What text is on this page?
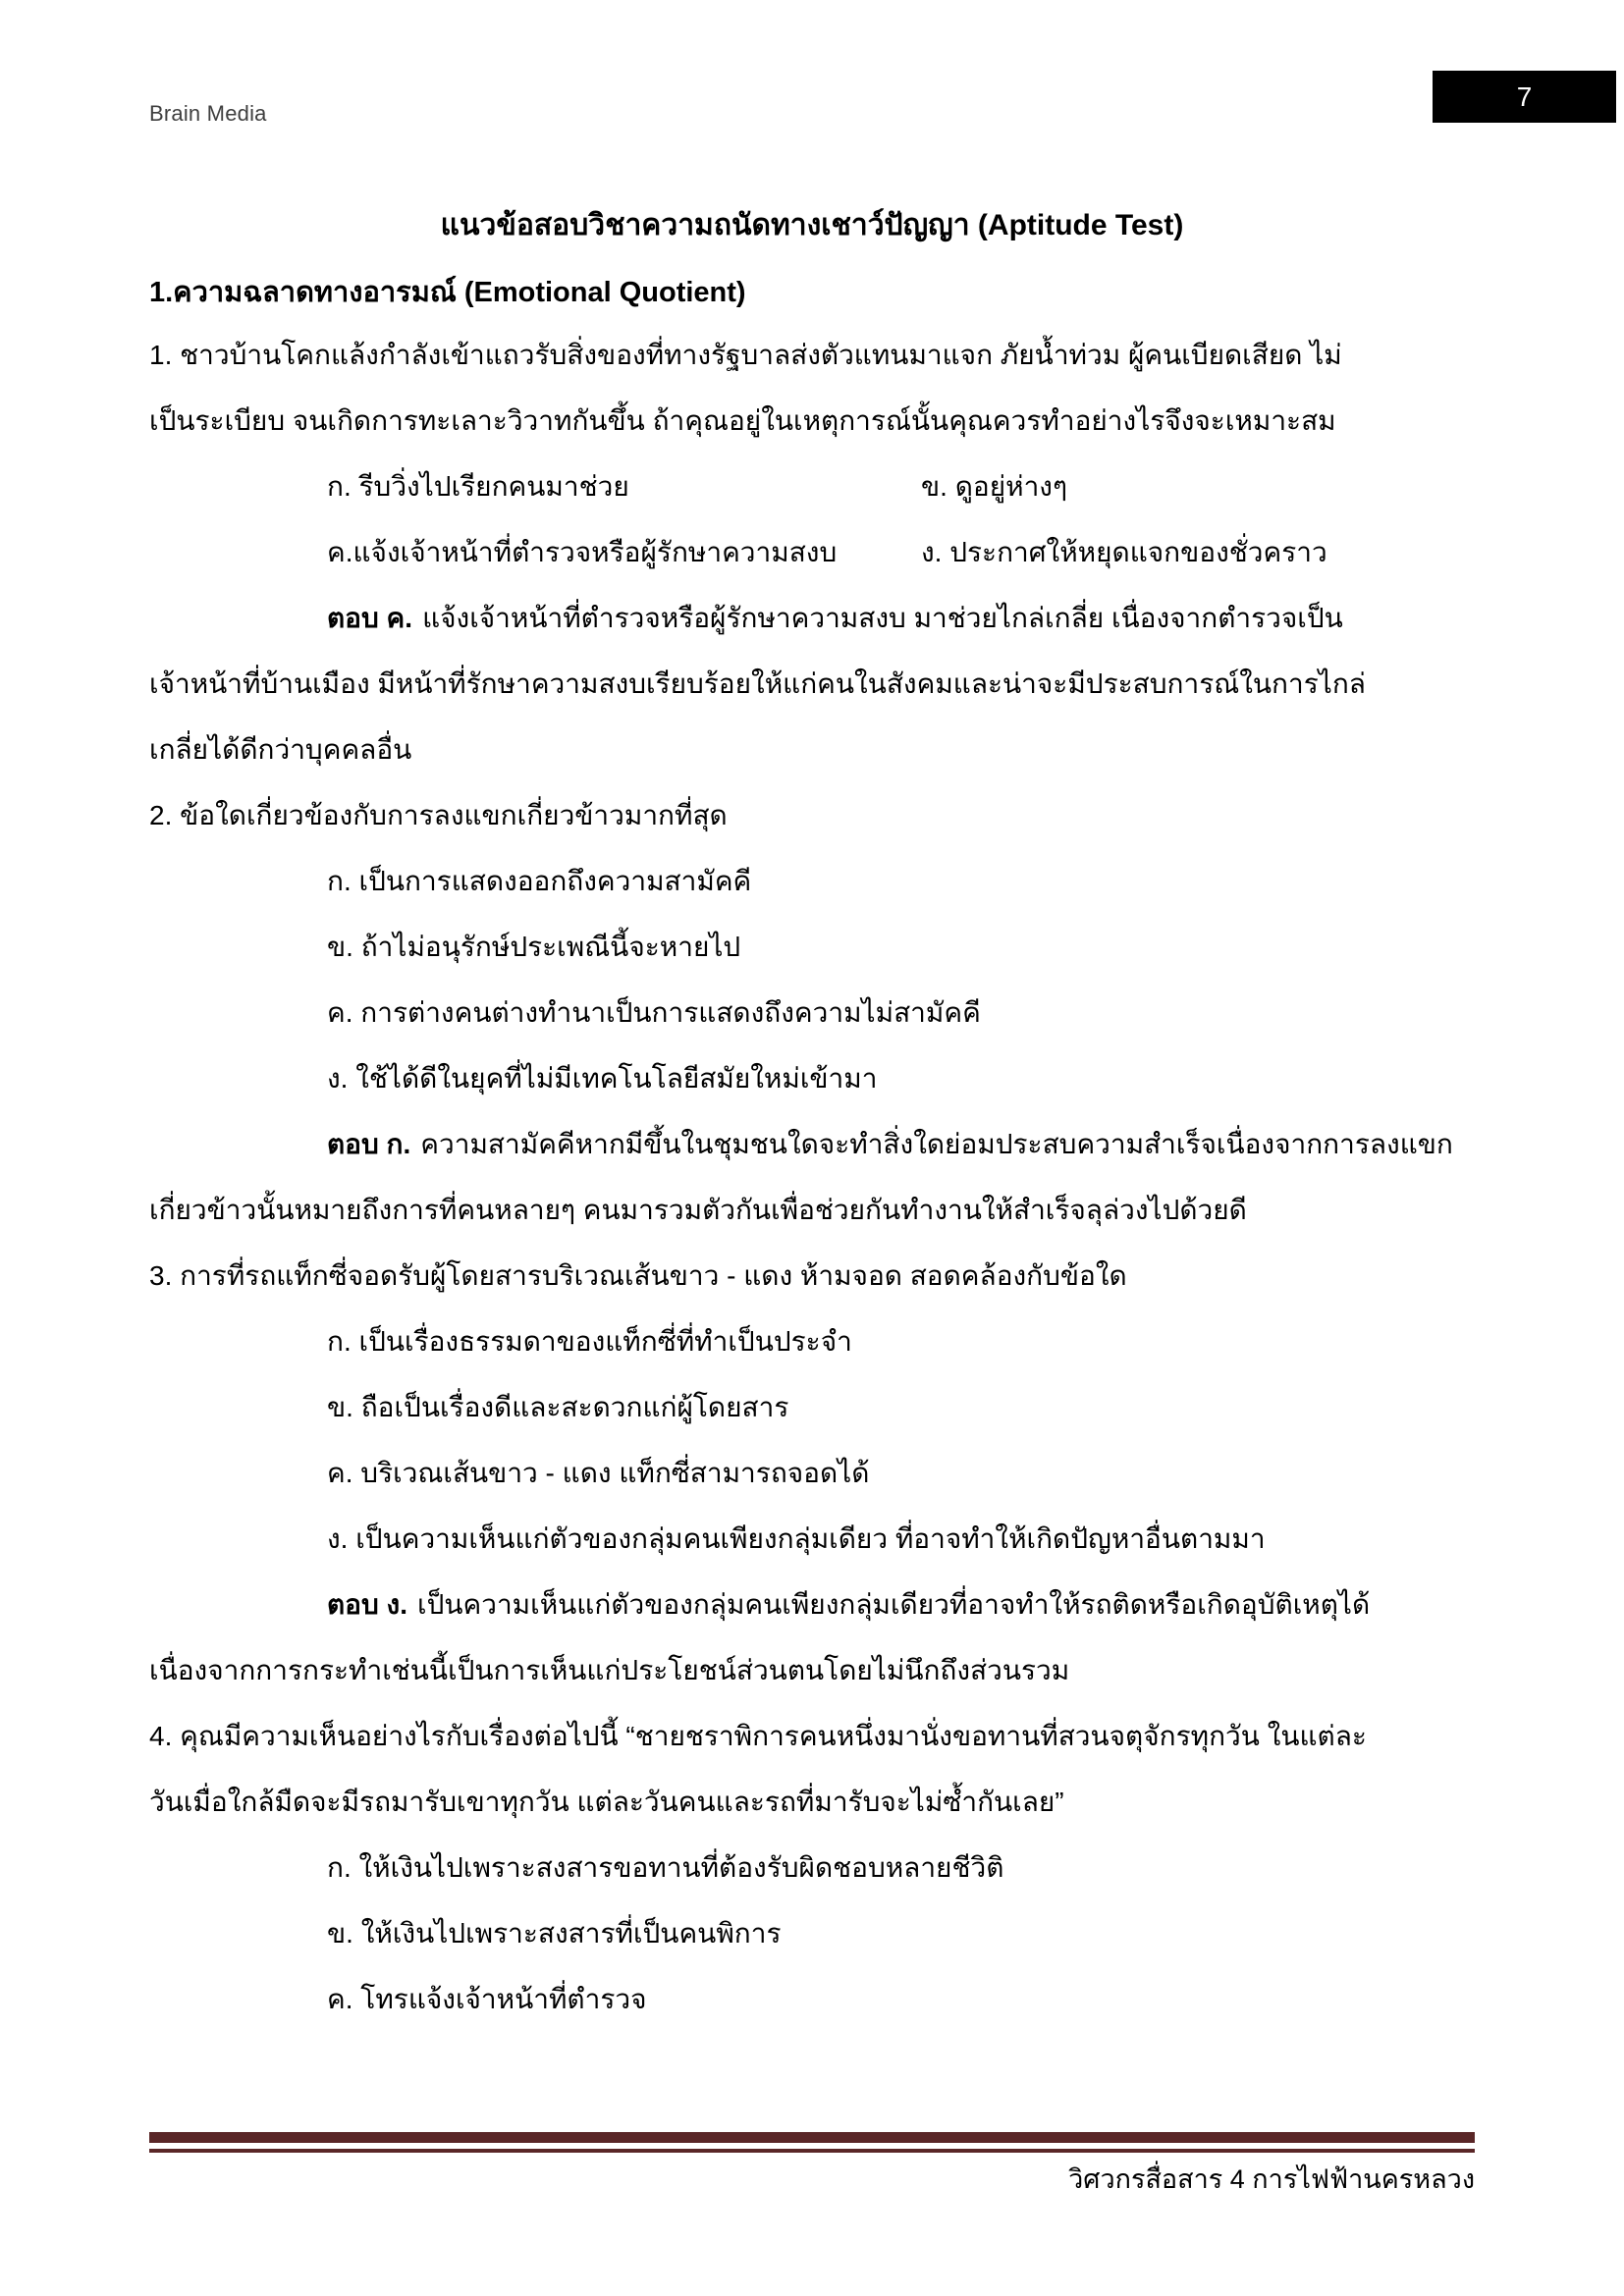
Brain Media
7
แนวข้อสอบวิชาความถนัดทางเชาว์ปัญญา (Aptitude Test)
1.ความฉลาดทางอารมณ์ (Emotional Quotient)
1. ชาวบ้านโคกแล้งกำลังเข้าแถวรับสิ่งของที่ทางรัฐบาลส่งตัวแทนมาแจก ภัยน้ำท่วม ผู้คนเบียดเสียด ไม่
เป็นระเบียบ จนเกิดการทะเลาะวิวาทกันขึ้น ถ้าคุณอยู่ในเหตุการณ์นั้นคุณควรทำอย่างไรจึงจะเหมาะสม
ก. รีบวิ่งไปเรียกคนมาช่วย	ข. ดูอยู่ห่างๆ
ค.แจ้งเจ้าหน้าที่ตำรวจหรือผู้รักษาความสงบ	ง. ประกาศให้หยุดแจกของชั่วคราว
ตอบ ค. แจ้งเจ้าหน้าที่ตำรวจหรือผู้รักษาความสงบ มาช่วยไกล่เกลี่ย เนื่องจากตำรวจเป็น
เจ้าหน้าที่บ้านเมือง มีหน้าที่รักษาความสงบเรียบร้อยให้แก่คนในสังคมและน่าจะมีประสบการณ์ในการไกล่
เกลี่ยได้ดีกว่าบุคคลอื่น
2. ข้อใดเกี่ยวข้องกับการลงแขกเกี่ยวข้าวมากที่สุด
ก. เป็นการแสดงออกถึงความสามัคคี
ข. ถ้าไม่อนุรักษ์ประเพณีนี้จะหายไป
ค. การต่างคนต่างทำนาเป็นการแสดงถึงความไม่สามัคคี
ง. ใช้ได้ดีในยุคที่ไม่มีเทคโนโลยีสมัยใหม่เข้ามา
ตอบ ก. ความสามัคคีหากมีขึ้นในชุมชนใดจะทำสิ่งใดย่อมประสบความสำเร็จเนื่องจากการลงแขก
เกี่ยวข้าวนั้นหมายถึงการที่คนหลายๆ คนมารวมตัวกันเพื่อช่วยกันทำงานให้สำเร็จลุล่วงไปด้วยดี
3. การที่รถแท็กซี่จอดรับผู้โดยสารบริเวณเส้นขาว - แดง ห้ามจอด สอดคล้องกับข้อใด
ก. เป็นเรื่องธรรมดาของแท็กซี่ที่ทำเป็นประจำ
ข. ถือเป็นเรื่องดีและสะดวกแก่ผู้โดยสาร
ค. บริเวณเส้นขาว - แดง แท็กซี่สามารถจอดได้
ง. เป็นความเห็นแก่ตัวของกลุ่มคนเพียงกลุ่มเดียว ที่อาจทำให้เกิดปัญหาอื่นตามมา
ตอบ ง. เป็นความเห็นแก่ตัวของกลุ่มคนเพียงกลุ่มเดียวที่อาจทำให้รถติดหรือเกิดอุบัติเหตุได้
เนื่องจากการกระทำเช่นนี้เป็นการเห็นแก่ประโยชน์ส่วนตนโดยไม่นึกถึงส่วนรวม
4. คุณมีความเห็นอย่างไรกับเรื่องต่อไปนี้ “ชายชราพิการคนหนึ่งมานั่งขอทานที่สวนจตุจักรทุกวัน ในแต่ละ
วันเมื่อใกล้มืดจะมีรถมารับเขาทุกวัน แต่ละวันคนและรถที่มารับจะไม่ซ้ำกันเลย”
ก. ให้เงินไปเพราะสงสารขอทานที่ต้องรับผิดชอบหลายชีวิติ
ข. ให้เงินไปเพราะสงสารที่เป็นคนพิการ
ค. โทรแจ้งเจ้าหน้าที่ตำรวจ
วิศวกรสื่อสาร 4 การไฟฟ้านครหลวง
